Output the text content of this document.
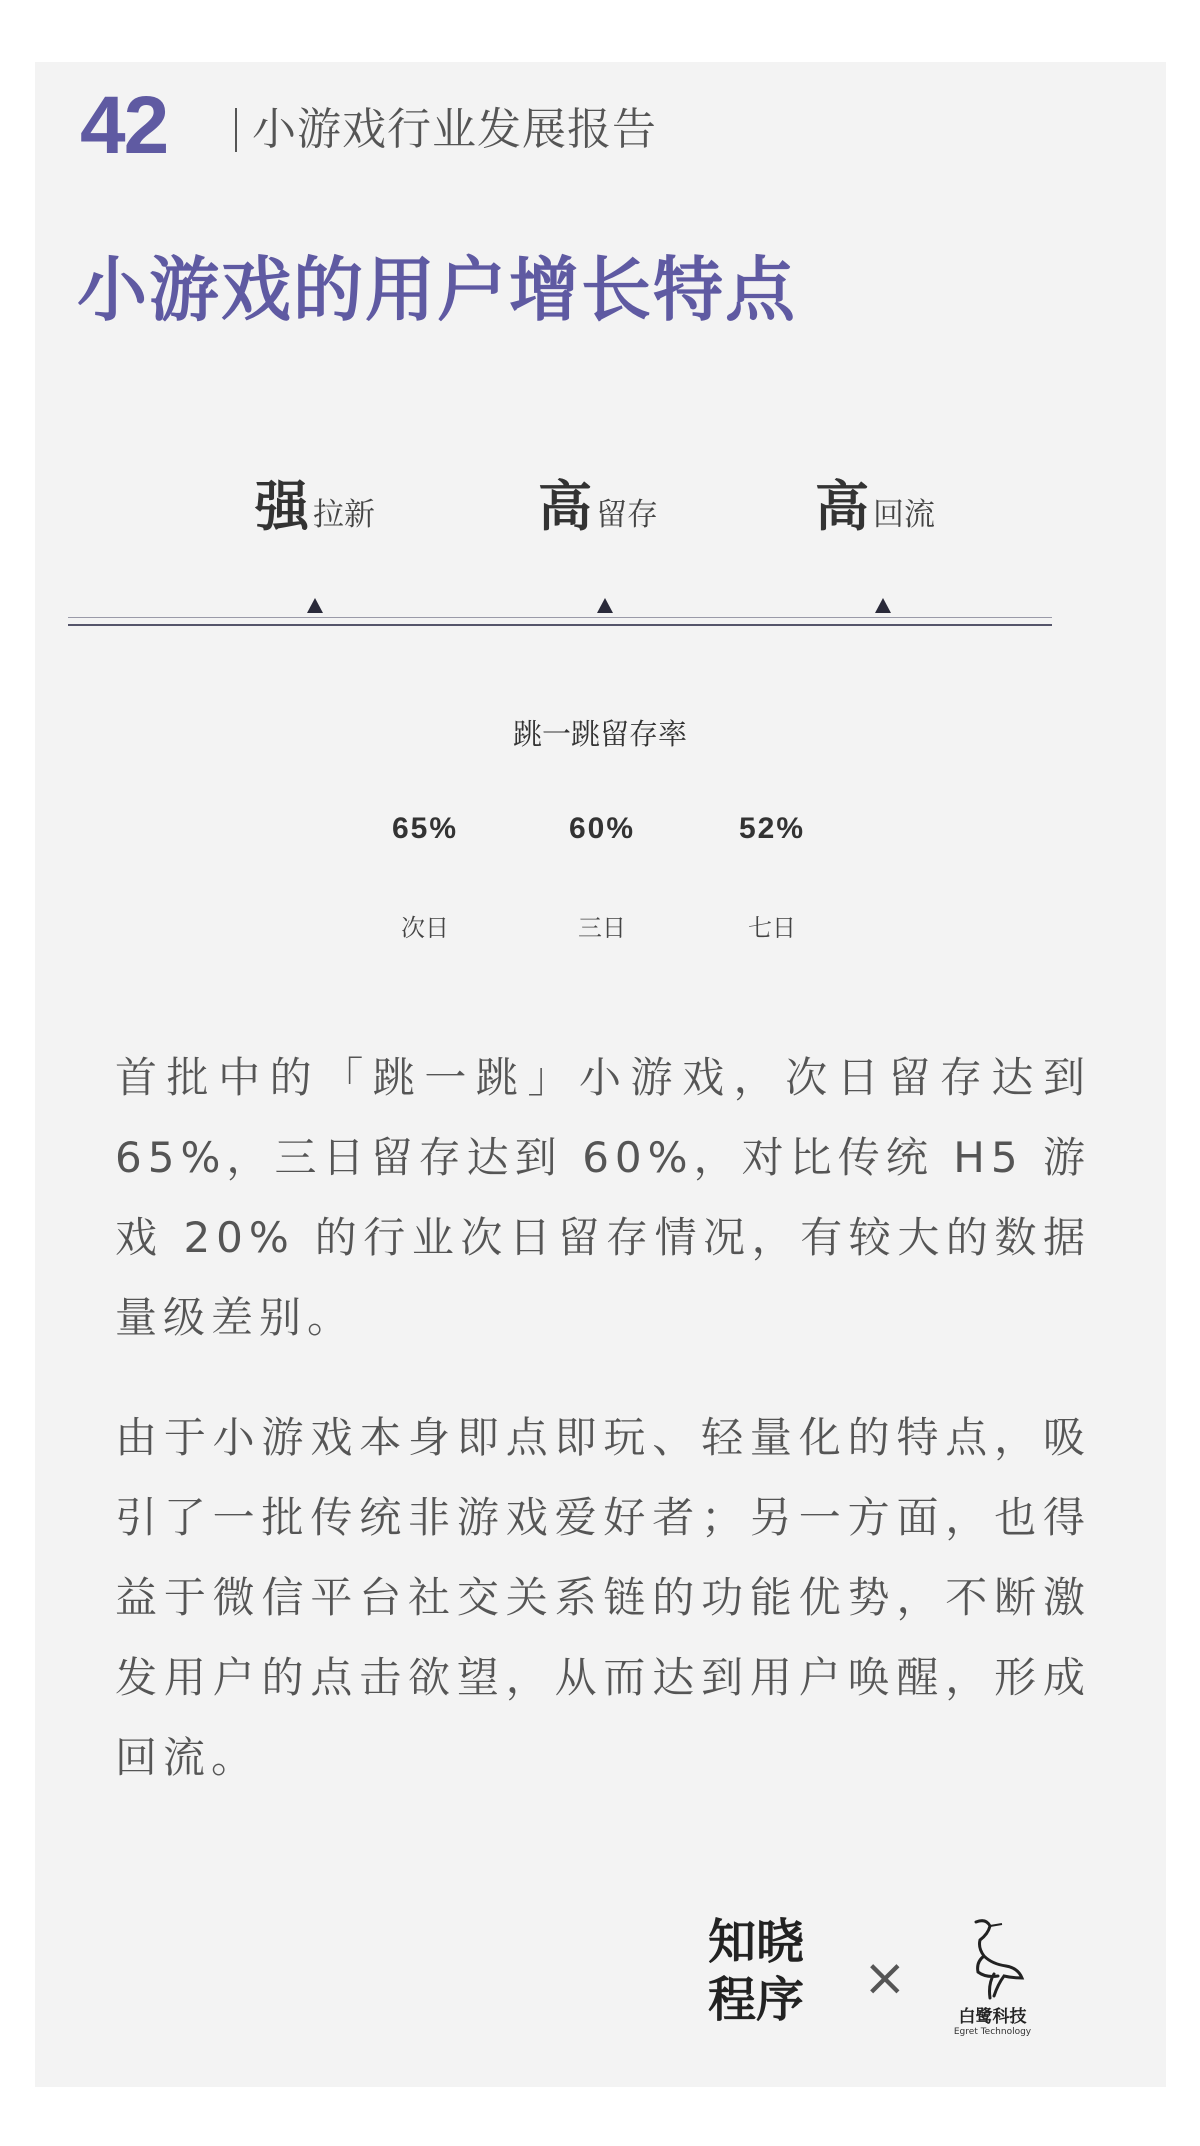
42 小游戏行业发展报告
小游戏的用户增长特点
强 拉新	高 留存	高 回流
跳一跳留存率
65%
次日
60%
三日
52%
七日

首批中的「跳一跳」小游戏，次日留存达到 65%，三日留存达到 60%，对比传统 H5 游戏 20% 的行业次日留存情况，有较大的数据量级差别。

由于小游戏本身即点即玩、轻量化的特点，吸引了一批传统非游戏爱好者；另一方面，也得益于微信平台社交关系链的功能优势，不断激发用户的点击欲望，从而达到用户唤醒，形成回流。

知晓程序 ×
白鹭科技
Egret Technology
